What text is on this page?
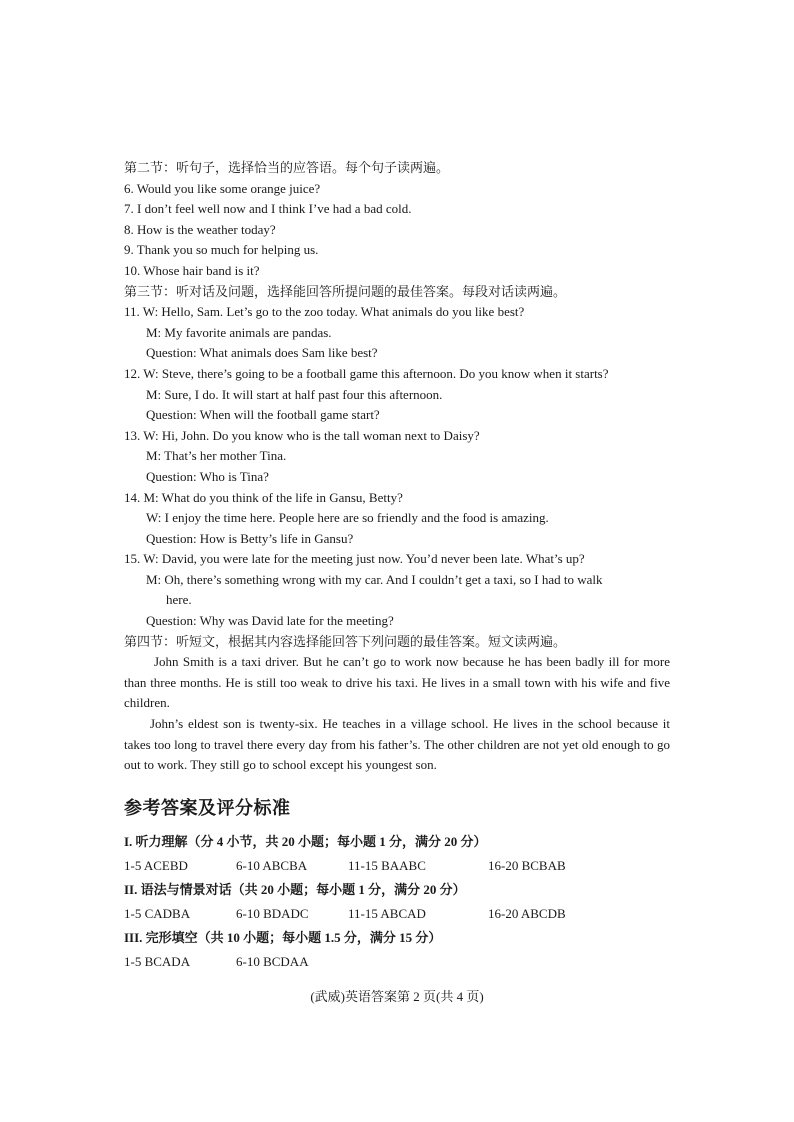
第二节：听句子，选择恰当的应答语。每个句子读两遍。
6. Would you like some orange juice?
7. I don’t feel well now and I think I’ve had a bad cold.
8. How is the weather today?
9. Thank you so much for helping us.
10. Whose hair band is it?
第三节：听对话及问题，选择能回答所提问题的最佳答案。每段对话读两遍。
11. W: Hello, Sam. Let’s go to the zoo today. What animals do you like best?
M: My favorite animals are pandas.
Question: What animals does Sam like best?
12. W: Steve, there’s going to be a football game this afternoon. Do you know when it starts?
M: Sure, I do. It will start at half past four this afternoon.
Question: When will the football game start?
13. W: Hi, John. Do you know who is the tall woman next to Daisy?
M: That’s her mother Tina.
Question: Who is Tina?
14. M: What do you think of the life in Gansu, Betty?
W: I enjoy the time here. People here are so friendly and the food is amazing.
Question: How is Betty’s life in Gansu?
15. W: David, you were late for the meeting just now. You’d never been late. What’s up?
M: Oh, there’s something wrong with my car. And I couldn’t get a taxi, so I had to walk
here.
Question: Why was David late for the meeting?
第四节：听短文，根据其内容选择能回答下列问题的最佳答案。短文读两遍。
John Smith is a taxi driver. But he can’t go to work now because he has been badly ill for more than three months. He is still too weak to drive his taxi. He lives in a small town with his wife and five children.
John’s eldest son is twenty-six. He teaches in a village school. He lives in the school because it takes too long to travel there every day from his father’s. The other children are not yet old enough to go out to work. They still go to school except his youngest son.
参考答案及评分标准
I. 听力理解（分 4 小节，共 20 小题；每小题 1 分，满分 20 分）
1-5 ACEBD	6-10 ABCBA	11-15 BAABC	16-20 BCBAB
II. 语法与情景对话（共 20 小题；每小题 1 分，满分 20 分）
1-5 CADBA	6-10 BDADC	11-15 ABCAD	16-20 ABCDB
III. 完形填空（共 10 小题；每小题 1.5 分，满分 15 分）
1-5 BCADA	6-10 BCDAA
(武威)英语答案第 2 页(共 4 页)
